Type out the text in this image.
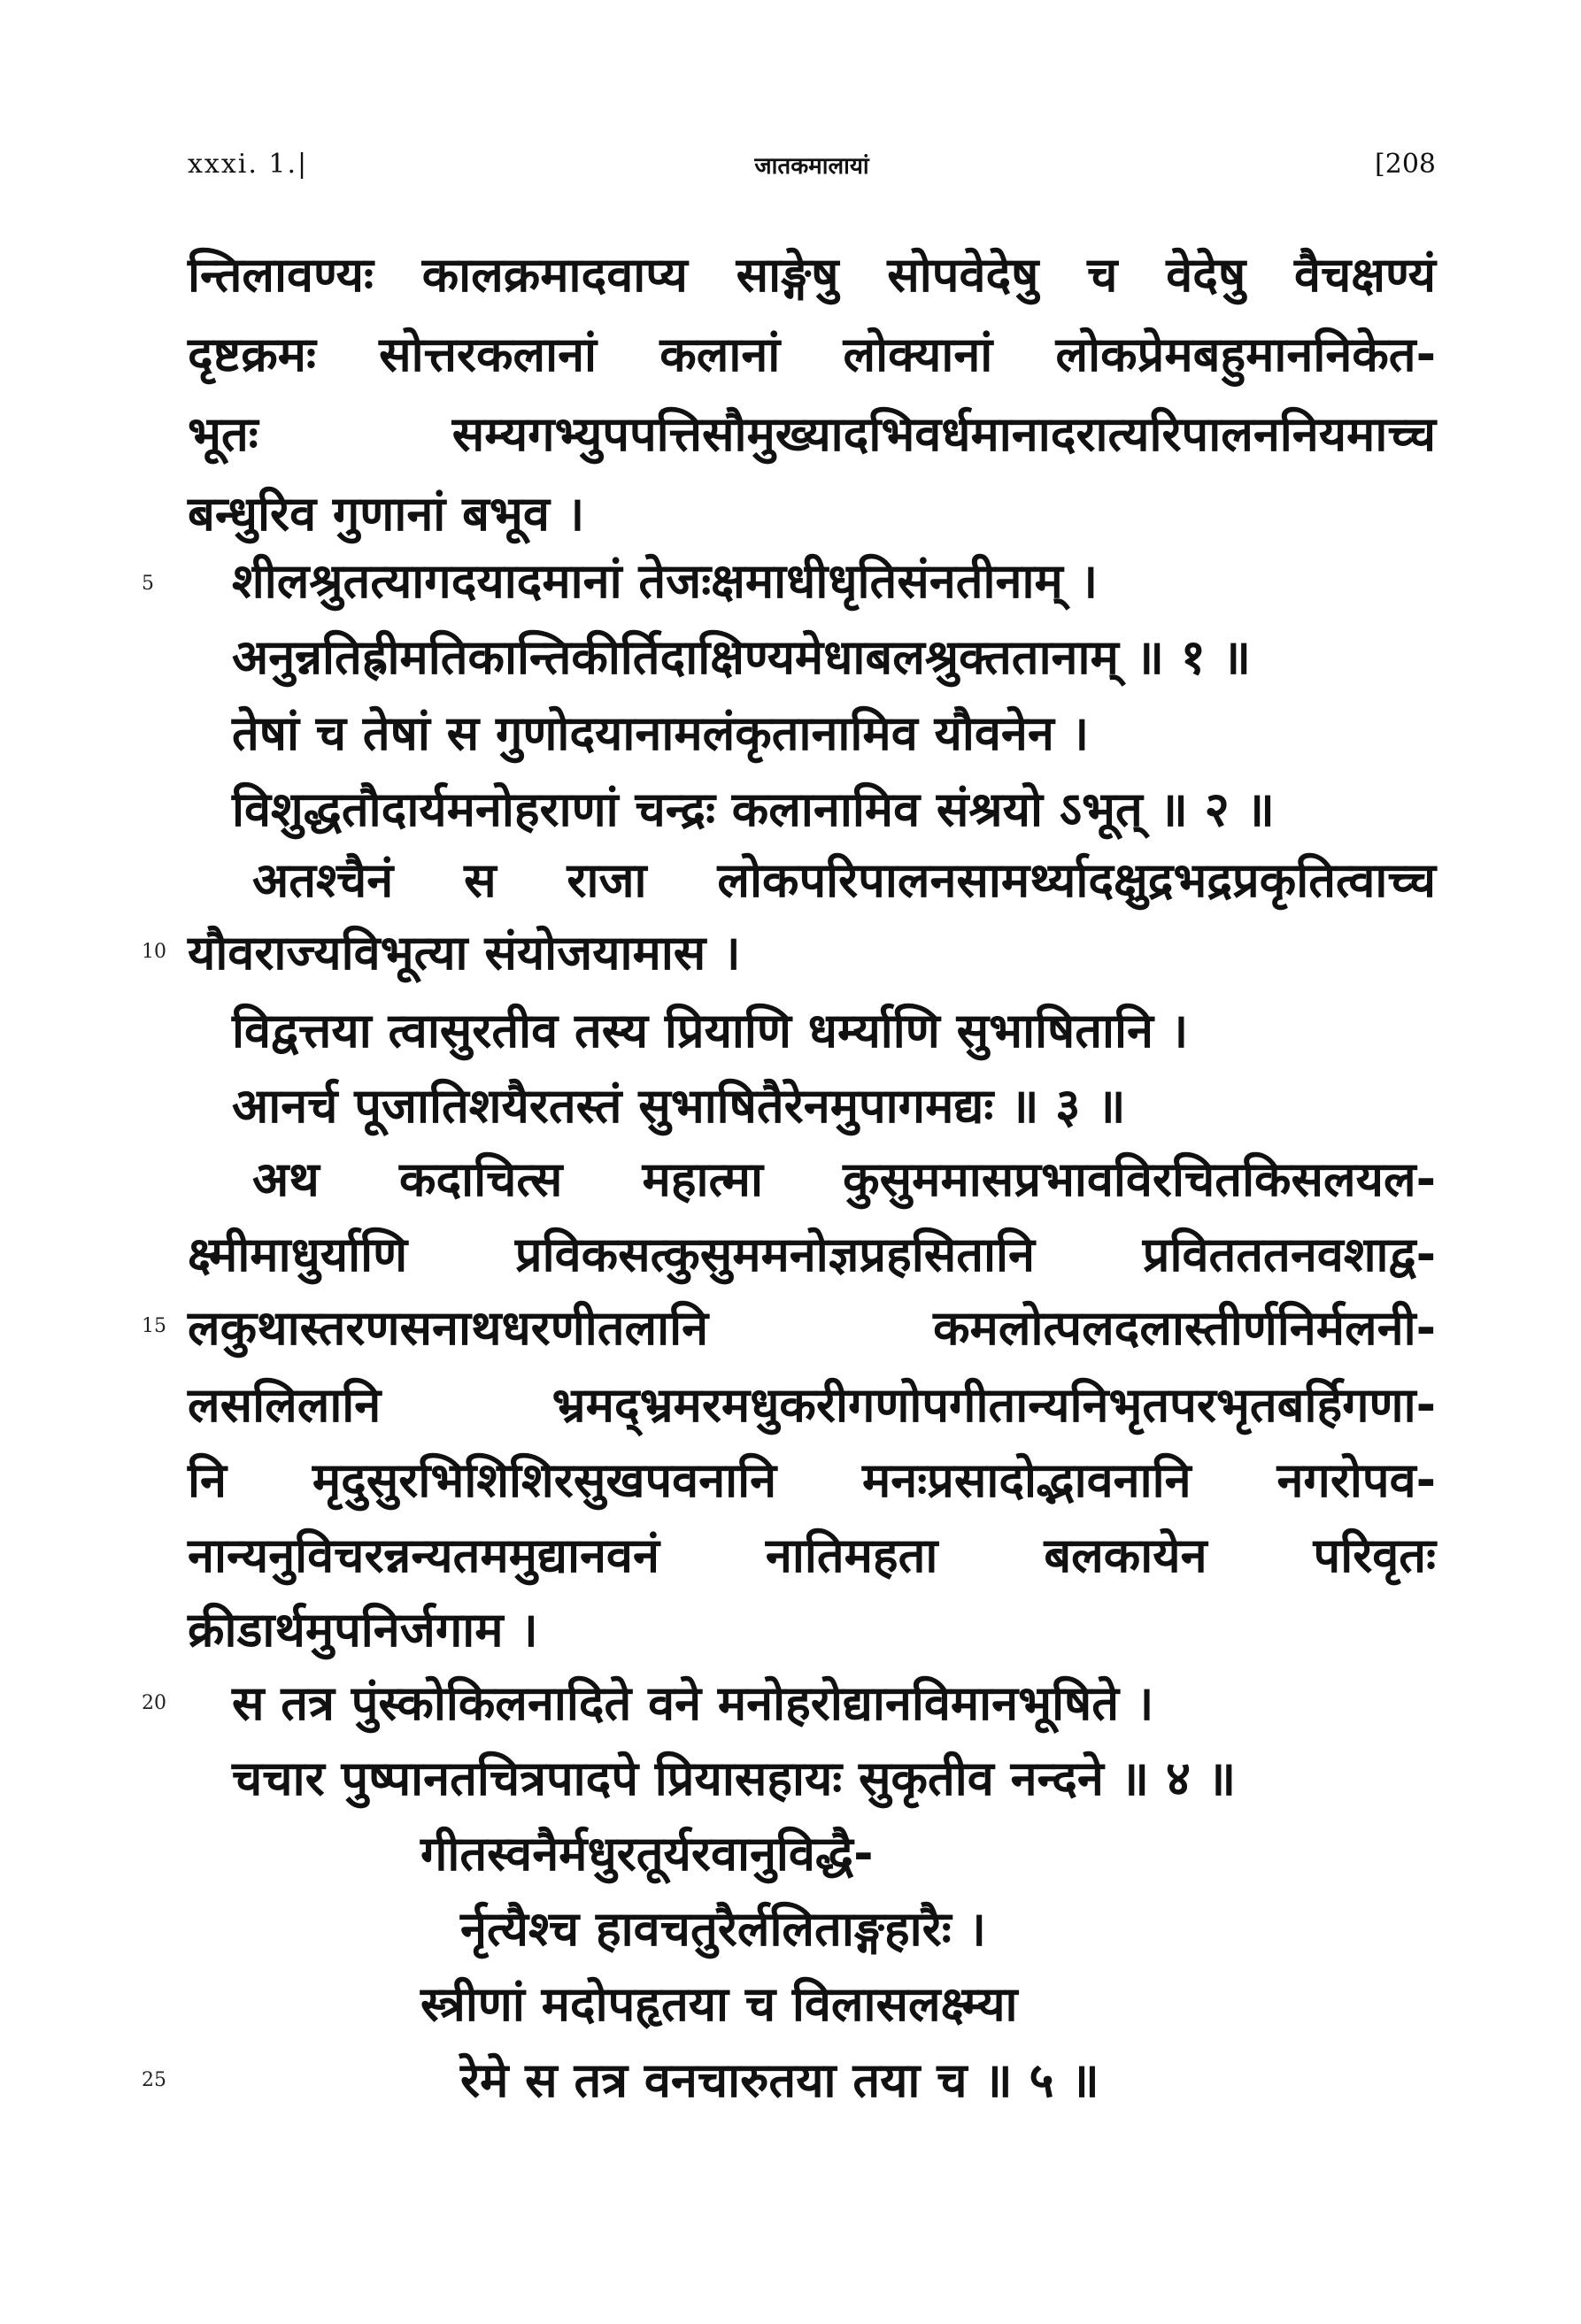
xxxi. 1.|	जातकमालायां	[208
न्तिलावण्यः कालक्रमादवाप्य साङ्गेषु सोपवेदेषु च वेदेषु वैचक्षण्यं
दृष्टक्रमः सोत्तरकलानां कलानां लोक्यानां लोकप्रेमबहुमाननिकेत-
भूतः सम्यगभ्युपपत्तिसौमुख्यादभिवर्धमानादरात्यरिपालननियमाच्च
बन्धुरिव गुणानां बभूव ।
5 शीलश्रुतत्यागदयादमानां तेजःक्षमाधीधृतिसंनतीनाम् ।
अनुन्नतिह्रीमतिकान्तिकीर्तिदाक्षिण्यमेधाबलश्रुक्ततानाम् ॥ १ ॥
तेषां च तेषां स गुणोदयानामलंकृतानामिव यौवनेन ।
विशुद्धतौदार्यमनोहराणां चन्द्रः कलानामिव संश्रयो ऽभूत् ॥ २ ॥
अतश्चैनं स राजा लोकपरिपालनसामर्थ्यादक्षुद्रभद्रप्रकृतित्वाच्च
10 यौवराज्यविभूत्या संयोजयामास ।
विद्वत्तया त्वासुरतीव तस्य प्रियाणि धर्म्याणि सुभाषितानि ।
आनर्च पूजातिशयैरतस्तं सुभाषितैरेनमुपागमद्यः ॥ ३ ॥
अथ कदाचित्स महात्मा कुसुममासप्रभावविरचितकिसलयल-
क्ष्मीमाधुर्याणि प्रविकसत्कुसुममनोज्ञप्रहसितानि प्रवितततनवशाद्व-
15 लकुथास्तरणसनाथधरणीतलानि कमलोत्पलदलास्तीर्णनिर्मलनी-
लसलिलानि भ्रमद्भ्रमरमधुकरीगणोपगीतान्यनिभृतपरभृतबर्हिगणा-
नि मृदुसुरभिशिशिरसुखपवनानि मनःप्रसादोद्भावनानि नगरोपव-
नान्यनुविचरन्नन्यतममुद्यानवनं नातिमहता बलकायेन परिवृतः
क्रीडार्थमुपनिर्जगाम ।
20 स तत्र पुंस्कोकिलनादिते वने मनोहरोद्यानविमानभूषिते ।
चचार पुष्पानतचित्रपादपे प्रियासहायः सुकृतीव नन्दने ॥ ४ ॥
गीतस्वनैर्मधुरतूर्यरवानुविद्धै-
र्नृत्यैश्च हावचतुरैर्ललिताङ्गहारैः ।
स्त्रीणां मदोपहृतया च विलासलक्ष्म्या
25	रेमे स तत्र वनचारुतया तया च ॥ ५ ॥
